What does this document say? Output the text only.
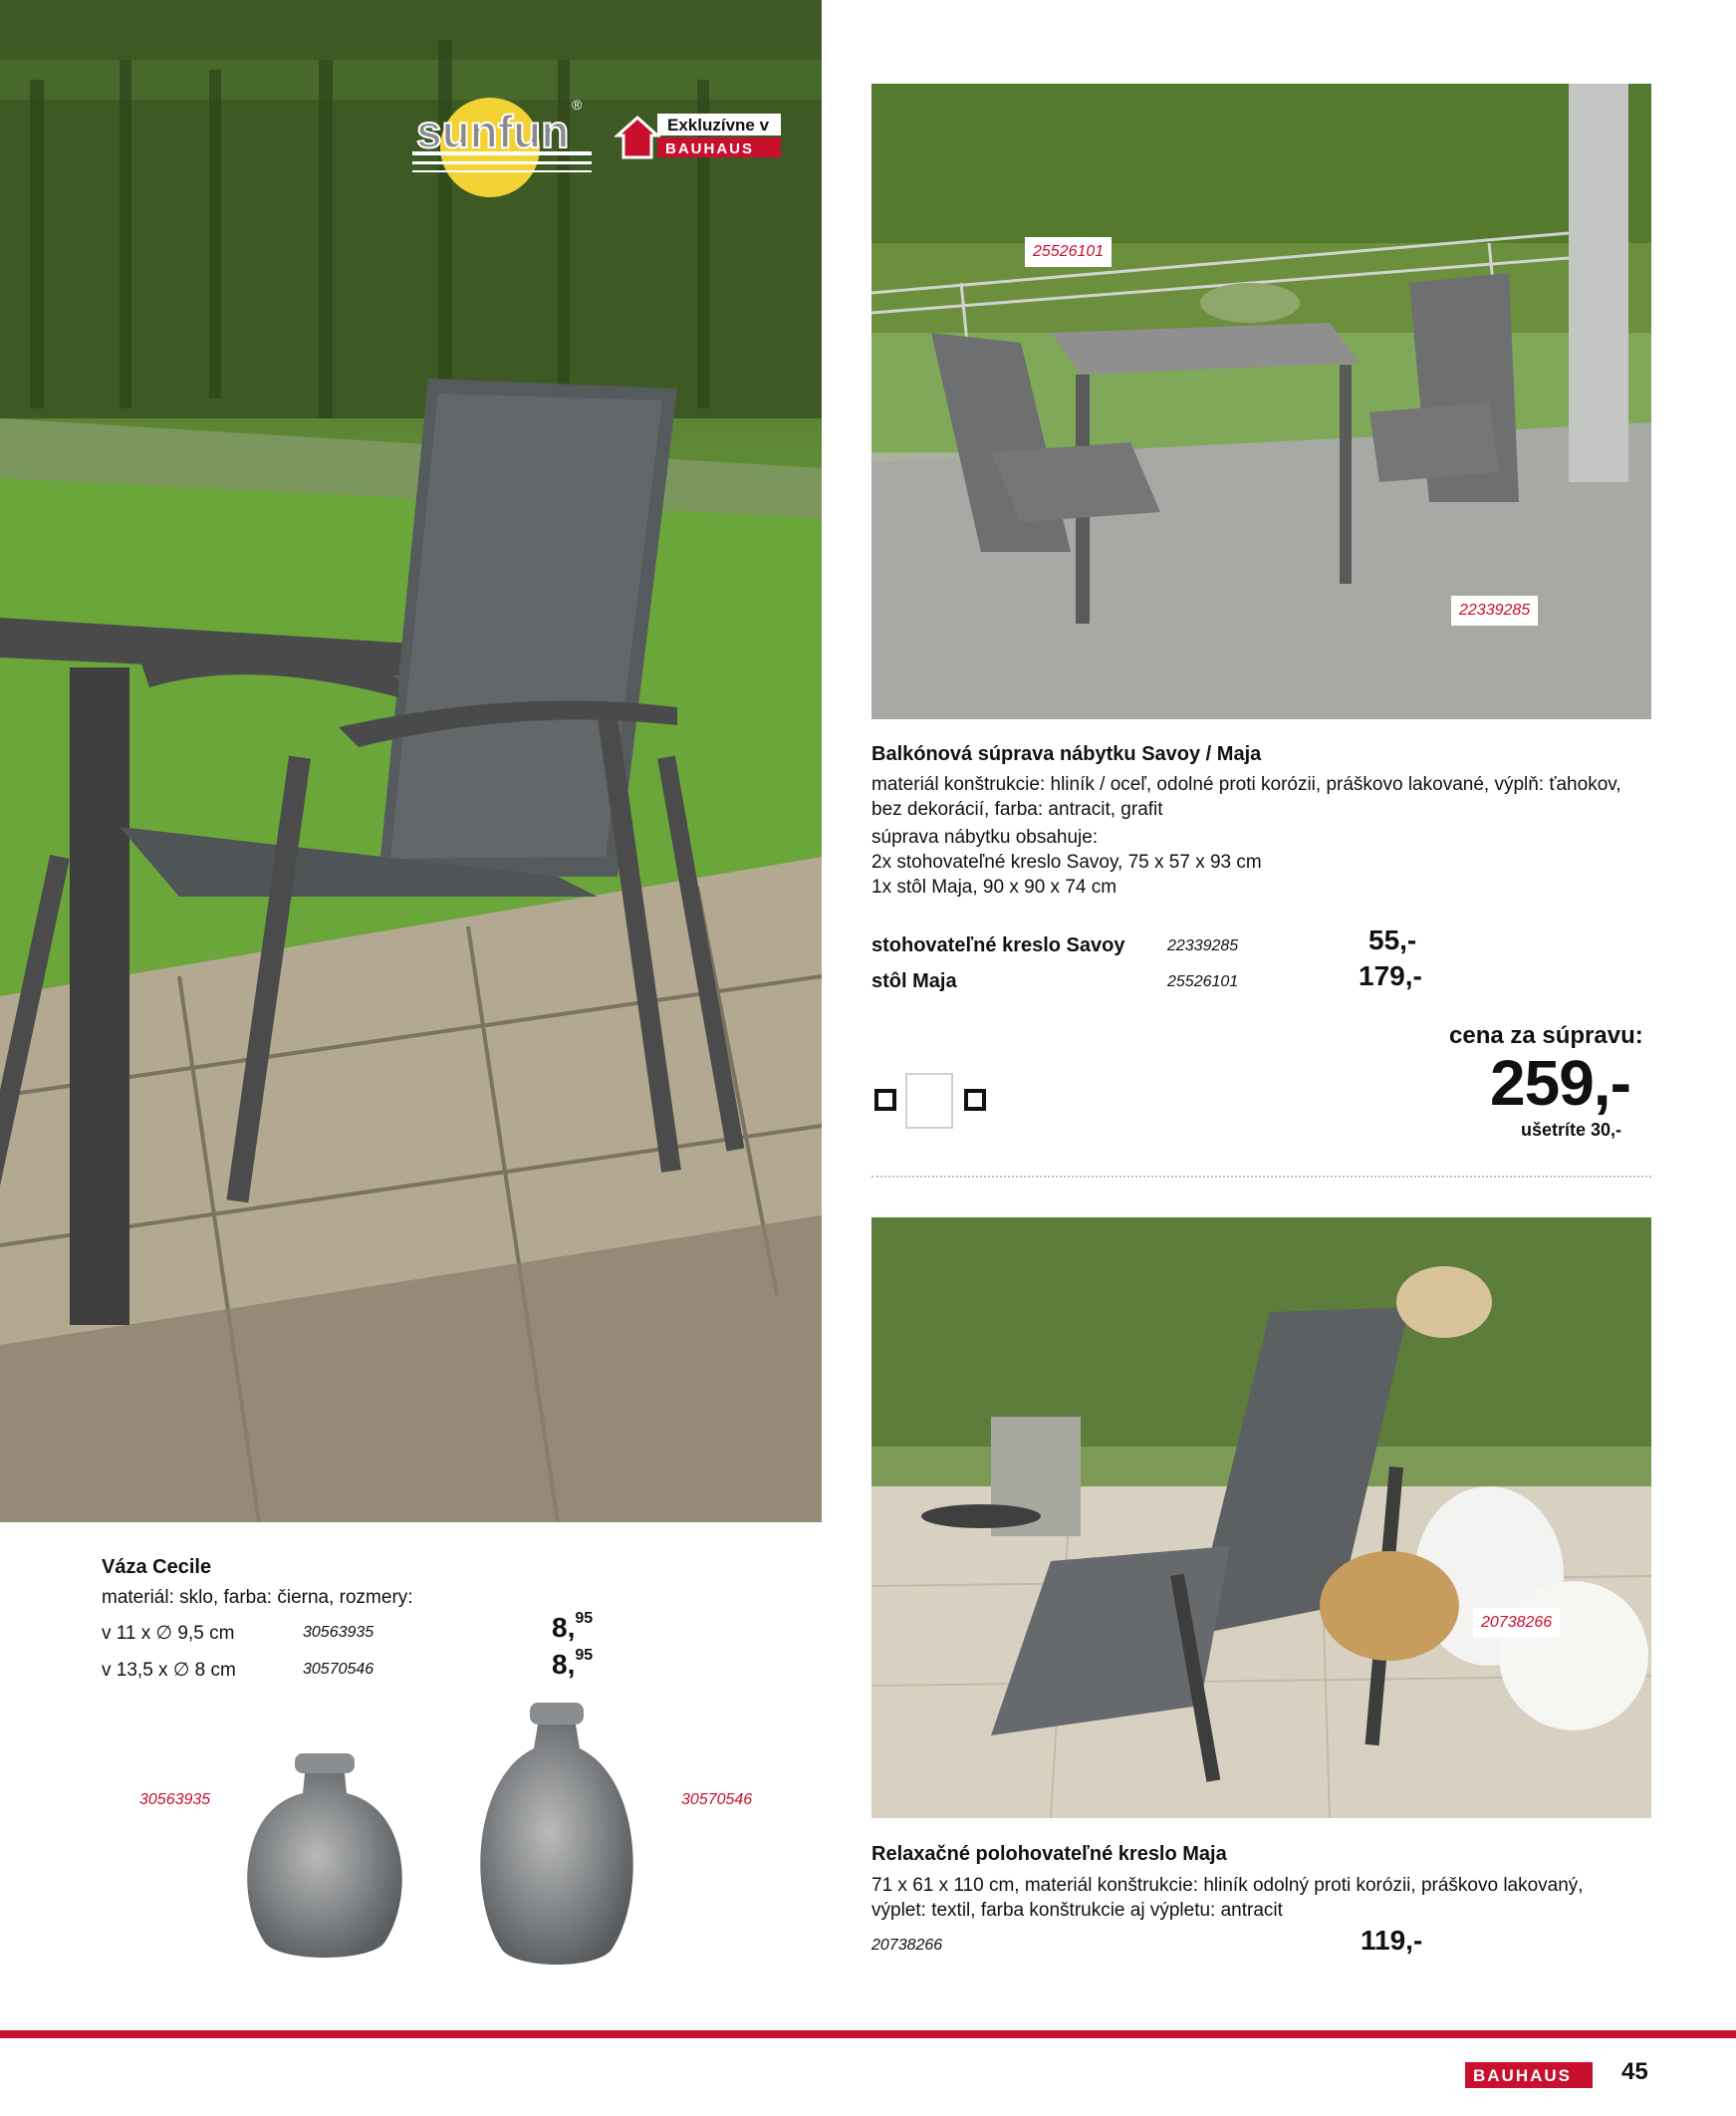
sunfun
®
Exkluzívne v
BAUHAUS
25526101
22339285
Balkónová súprava nábytku Savoy / Maja
materiál konštrukcie: hliník / oceľ, odolné proti korózii, práškovo lakované, výplň: ťahokov,
bez dekorácií, farba: antracit, grafit
súprava nábytku obsahuje:
2x stohovateľné kreslo Savoy, 75 x 57 x 93 cm
1x stôl Maja, 90 x 90 x 74 cm
stohovateľné kreslo Savoy	22339285	55,-
stôl Maja	25526101	179,-
cena za súpravu:
259,-
ušetríte 30,-
20738266
Relaxačné polohovateľné kreslo Maja
71 x 61 x 110 cm, materiál konštrukcie: hliník odolný proti korózii, práškovo lakovaný,
výplet: textil, farba konštrukcie aj výpletu: antracit
20738266	119,-
Váza Cecile
materiál: sklo, farba: čierna, rozmery:
v 11 x ∅ 9,5 cm	30563935	8,95
v 13,5 x ∅ 8 cm	30570546	8,95
30563935	30570546
BAUHAUS 45
